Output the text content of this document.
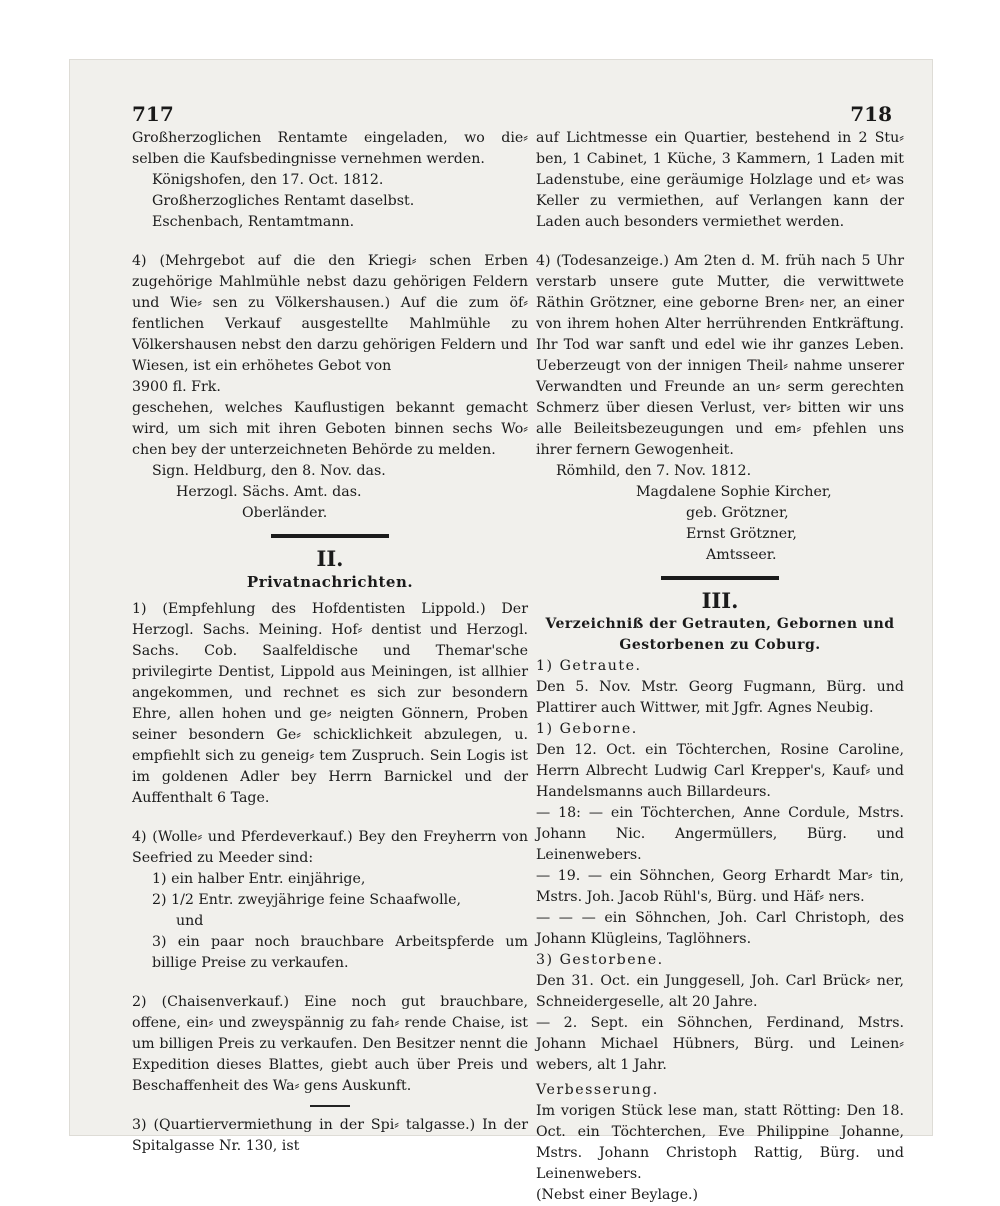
717	718

Großherzoglichen Rentamte eingeladen, wo die⸗ selben die Kaufsbedingnisse vernehmen werden.

Königshofen, den 17. Oct. 1812.

Großherzogliches Rentamt daselbst.

Eschenbach, Rentamtmann.

4) (Mehrgebot auf die den Kriegi⸗ schen Erben zugehörige Mahlmühle nebst dazu gehörigen Feldern und Wie⸗ sen zu Völkershausen.) Auf die zum öf⸗ fentlichen Verkauf ausgestellte Mahlmühle zu Völkershausen nebst den darzu gehörigen Feldern und Wiesen, ist ein erhöhetes Gebot von

3900 fl. Frk.

geschehen, welches Kauflustigen bekannt gemacht wird, um sich mit ihren Geboten binnen sechs Wo⸗ chen bey der unterzeichneten Behörde zu melden.

Sign. Heldburg, den 8. Nov. das.

Herzogl. Sächs. Amt. das.

Oberländer.

II.
Privatnachrichten.

1) (Empfehlung des Hofdentisten Lippold.) Der Herzogl. Sachs. Meining. Hof⸗ dentist und Herzogl. Sachs. Cob. Saalfeldische und Themar'sche privilegirte Dentist, Lippold aus Meiningen, ist allhier angekommen, und rechnet es sich zur besondern Ehre, allen hohen und ge⸗ neigten Gönnern, Proben seiner besondern Ge⸗ schicklichkeit abzulegen, u. empfiehlt sich zu geneig⸗ tem Zuspruch. Sein Logis ist im goldenen Adler bey Herrn Barnickel und der Auffenthalt 6 Tage.

4) (Wolle⸗ und Pferdeverkauf.) Bey den Freyherrn von Seefried zu Meeder sind:

1) ein halber Entr. einjährige,

2) 1/2 Entr. zweyjährige feine Schaafwolle,

und

3) ein paar noch brauchbare Arbeitspferde um billige Preise zu verkaufen.

2) (Chaisenverkauf.) Eine noch gut brauchbare, offene, ein⸗ und zweyspännig zu fah⸗ rende Chaise, ist um billigen Preis zu verkaufen. Den Besitzer nennt die Expedition dieses Blattes, giebt auch über Preis und Beschaffenheit des Wa⸗ gens Auskunft.

3) (Quartiervermiethung in der Spi⸗ talgasse.) In der Spitalgasse Nr. 130, ist

auf Lichtmesse ein Quartier, bestehend in 2 Stu⸗ ben, 1 Cabinet, 1 Küche, 3 Kammern, 1 Laden mit Ladenstube, eine geräumige Holzlage und et⸗ was Keller zu vermiethen, auf Verlangen kann der Laden auch besonders vermiethet werden.

4) (Todesanzeige.) Am 2ten d. M. früh nach 5 Uhr verstarb unsere gute Mutter, die verwittwete Räthin Grötzner, eine geborne Bren⸗ ner, an einer von ihrem hohen Alter herrührenden Entkräftung. Ihr Tod war sanft und edel wie ihr ganzes Leben. Ueberzeugt von der innigen Theil⸗ nahme unserer Verwandten und Freunde an un⸗ serm gerechten Schmerz über diesen Verlust, ver⸗ bitten wir uns alle Beileitsbezeugungen und em⸗ pfehlen uns ihrer fernern Gewogenheit.

Römhild, den 7. Nov. 1812.

Magdalene Sophie Kircher,

geb. Grötzner,

Ernst Grötzner,

Amtsseer.

III.
Verzeichniß der Getrauten, Gebornen und Gestorbenen zu Coburg.

1) Getraute.

Den 5. Nov. Mstr. Georg Fugmann, Bürg. und Plattirer auch Wittwer, mit Jgfr. Agnes Neubig.

1) Geborne.

Den 12. Oct. ein Töchterchen, Rosine Caroline, Herrn Albrecht Ludwig Carl Krepper's, Kauf⸗ und Handelsmanns auch Billardeurs.

— 18: — ein Töchterchen, Anne Cordule, Mstrs. Johann Nic. Angermüllers, Bürg. und Leinenwebers.

— 19. — ein Söhnchen, Georg Erhardt Mar⸗ tin, Mstrs. Joh. Jacob Rühl's, Bürg. und Häf⸗ ners.

— — — ein Söhnchen, Joh. Carl Christoph, des Johann Klügleins, Taglöhners.

3) Gestorbene.

Den 31. Oct. ein Junggesell, Joh. Carl Brück⸗ ner, Schneidergeselle, alt 20 Jahre.

— 2. Sept. ein Söhnchen, Ferdinand, Mstrs. Johann Michael Hübners, Bürg. und Leinen⸗ webers, alt 1 Jahr.

Verbesserung.

Im vorigen Stück lese man, statt Rötting: Den 18. Oct. ein Töchterchen, Eve Philippine Johanne, Mstrs. Johann Christoph Rattig, Bürg. und Leinenwebers.

(Nebst einer Beylage.)
